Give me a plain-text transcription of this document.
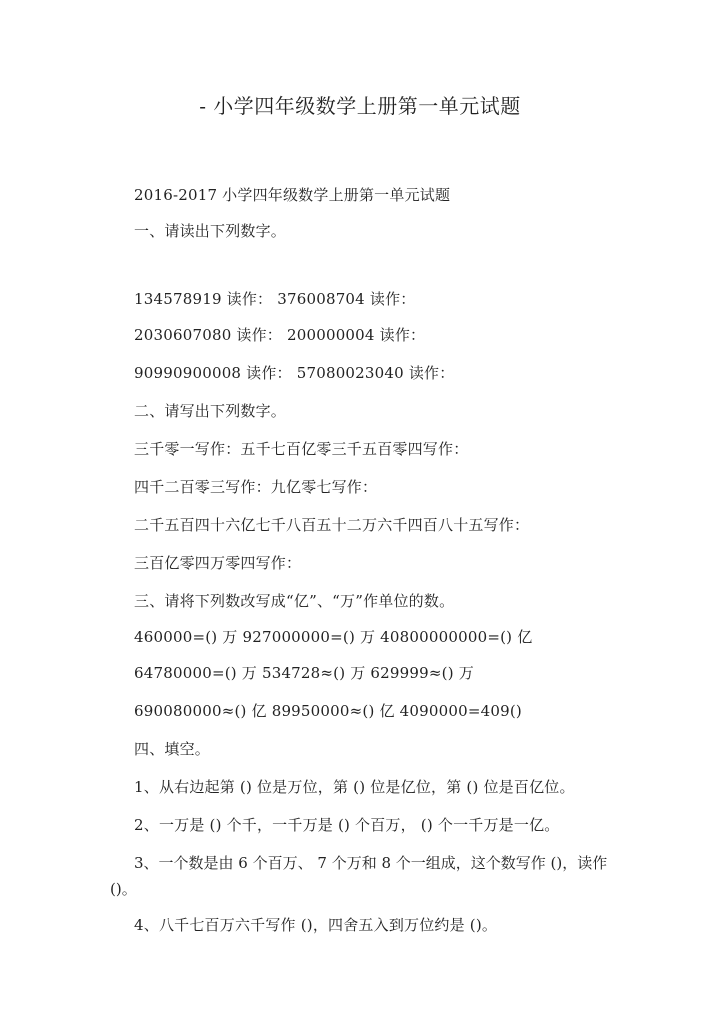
- 小学四年级数学上册第一单元试题
2016-2017 小学四年级数学上册第一单元试题
一、请读出下列数字。
134578919 读作： 376008704 读作：
2030607080 读作： 200000004 读作：
90990900008 读作： 57080023040 读作：
二、请写出下列数字。
三千零一写作：五千七百亿零三千五百零四写作：
四千二百零三写作：九亿零七写作：
二千五百四十六亿七千八百五十二万六千四百八十五写作：
三百亿零四万零四写作：
三、请将下列数改写成“亿”、“万”作单位的数。
460000=() 万 927000000=() 万 40800000000=() 亿
64780000=() 万 534728≈() 万 629999≈() 万
690080000≈() 亿 89950000≈() 亿 4090000=409()
四、填空。
1、从右边起第 () 位是万位，第 () 位是亿位，第 () 位是百亿位。
2、一万是 () 个千，一千万是 () 个百万， () 个一千万是一亿。
3、一个数是由 6 个百万、 7 个万和 8 个一组成，这个数写作 ()，读作 ()。
4、八千七百万六千写作 ()，四舍五入到万位约是 ()。
